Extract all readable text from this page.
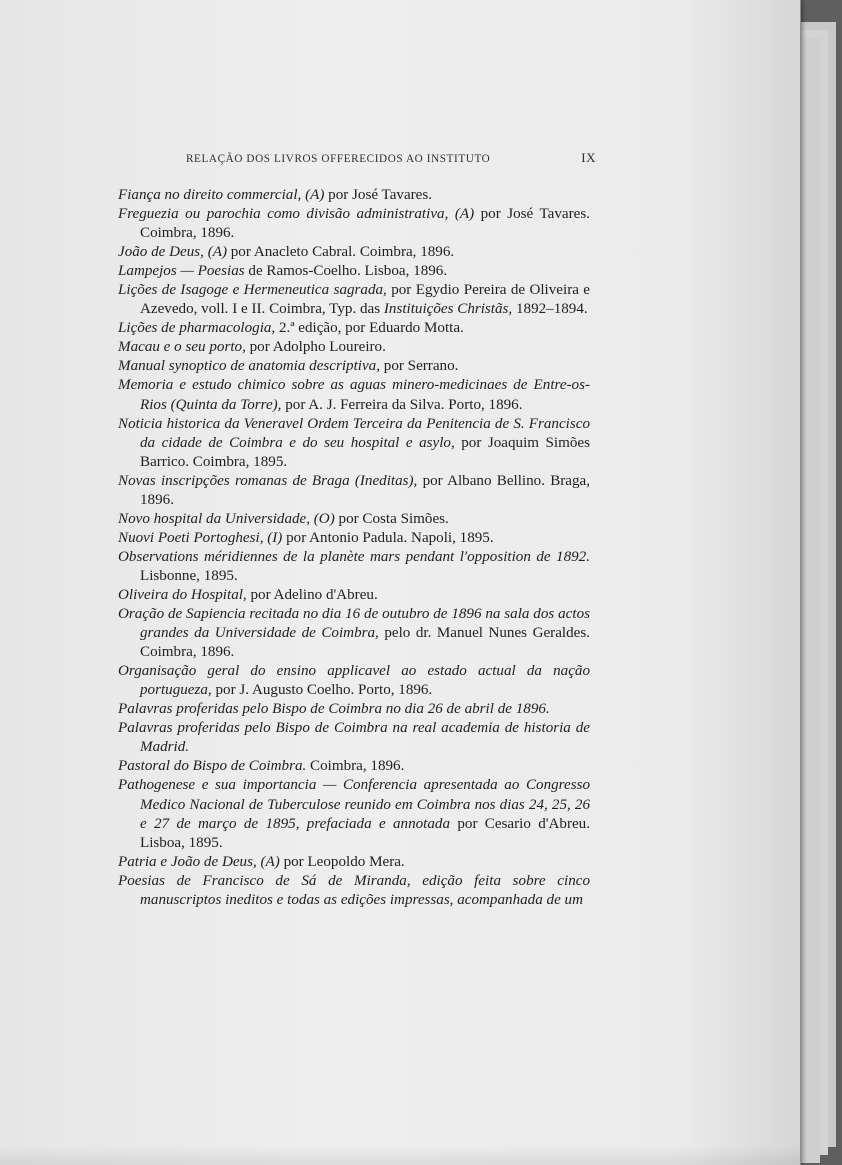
RELAÇÃO DOS LIVROS OFFERECIDOS AO INSTITUTO	IX

Fiança no direito commercial, (A) por José Tavares.

Freguezia ou parochia como divisão administrativa, (A) por José Tavares. Coimbra, 1896.

João de Deus, (A) por Anacleto Cabral. Coimbra, 1896.

Lampejos — Poesias de Ramos-Coelho. Lisboa, 1896.

Lições de Isagoge e Hermeneutica sagrada, por Egydio Pereira de Oliveira e Azevedo, voll. I e II. Coimbra, Typ. das Instituições Christãs, 1892–1894.

Lições de pharmacologia, 2.ª edição, por Eduardo Motta.

Macau e o seu porto, por Adolpho Loureiro.

Manual synoptico de anatomia descriptiva, por Serrano.

Memoria e estudo chimico sobre as aguas minero-medicinaes de Entre-os-Rios (Quinta da Torre), por A. J. Ferreira da Silva. Porto, 1896.

Noticia historica da Veneravel Ordem Terceira da Penitencia de S. Francisco da cidade de Coimbra e do seu hospital e asylo, por Joaquim Simões Barrico. Coimbra, 1895.

Novas inscripções romanas de Braga (Ineditas), por Albano Bellino. Braga, 1896.

Novo hospital da Universidade, (O) por Costa Simões.

Nuovi Poeti Portoghesi, (I) por Antonio Padula. Napoli, 1895.

Observations méridiennes de la planète mars pendant l'opposition de 1892. Lisbonne, 1895.

Oliveira do Hospital, por Adelino d'Abreu.

Oração de Sapiencia recitada no dia 16 de outubro de 1896 na sala dos actos grandes da Universidade de Coimbra, pelo dr. Manuel Nunes Geraldes. Coimbra, 1896.

Organisação geral do ensino applicavel ao estado actual da nação portugueza, por J. Augusto Coelho. Porto, 1896.

Palavras proferidas pelo Bispo de Coimbra no dia 26 de abril de 1896.

Palavras proferidas pelo Bispo de Coimbra na real academia de historia de Madrid.

Pastoral do Bispo de Coimbra. Coimbra, 1896.

Pathogenese e sua importancia — Conferencia apresentada ao Congresso Medico Nacional de Tuberculose reunido em Coimbra nos dias 24, 25, 26 e 27 de março de 1895, prefaciada e annotada por Cesario d'Abreu. Lisboa, 1895.

Patria e João de Deus, (A) por Leopoldo Mera.

Poesias de Francisco de Sá de Miranda, edição feita sobre cinco manuscriptos ineditos e todas as edições impressas, acompanhada de um
